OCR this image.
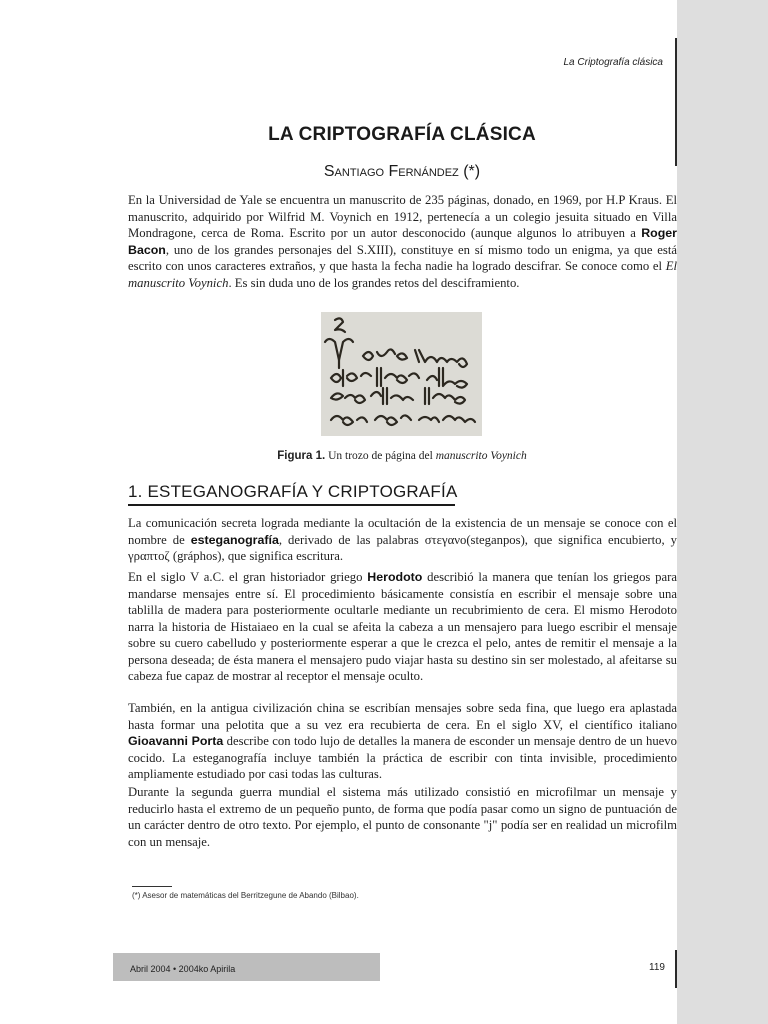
La Criptografía clásica
LA CRIPTOGRAFÍA CLÁSICA
Santiago Fernández (*)

En la Universidad de Yale se encuentra un manuscrito de 235 páginas, donado, en 1969, por H.P Kraus. El manuscrito, adquirido por Wilfrid M. Voynich en 1912, pertenecía a un colegio jesuita situado en Villa Mondragone, cerca de Roma. Escrito por un autor desconocido (aunque algunos lo atribuyen a Roger Bacon, uno de los grandes personajes del S.XIII), constituye en sí mismo todo un enigma, ya que está escrito con unos caracteres extraños, y que hasta la fecha nadie ha logrado descifrar. Se conoce como el El manuscrito Voynich. Es sin duda uno de los grandes retos del desciframiento.

Figura 1. Un trozo de página del manuscrito Voynich
1. ESTEGANOGRAFÍA Y CRIPTOGRAFÍA

La comunicación secreta lograda mediante la ocultación de la existencia de un mensaje se conoce con el nombre de esteganografía, derivado de las palabras στεγανο(steganpos), que significa encubierto, y γραπτοζ (gráphos), que significa escritura.

En el siglo V a.C. el gran historiador griego Herodoto describió la manera que tenían los griegos para mandarse mensajes entre sí. El procedimiento básicamente consistía en escribir el mensaje sobre una tablilla de madera para posteriormente ocultarle mediante un recubrimiento de cera. El mismo Herodoto narra la historia de Histaiaeo en la cual se afeita la cabeza a un mensajero para luego escribir el mensaje sobre su cuero cabelludo y posteriormente esperar a que le crezca el pelo, antes de remitir el mensaje a la persona deseada; de ésta manera el mensajero pudo viajar hasta su destino sin ser molestado, al afeitarse su cabeza fue capaz de mostrar al receptor el mensaje oculto.

También, en la antigua civilización china se escribían mensajes sobre seda fina, que luego era aplastada hasta formar una pelotita que a su vez era recubierta de cera. En el siglo XV, el científico italiano Gioavanni Porta describe con todo lujo de detalles la manera de esconder un mensaje dentro de un huevo cocido. La esteganografía incluye también la práctica de escribir con tinta invisible, procedimiento ampliamente estudiado por casi todas las culturas.

Durante la segunda guerra mundial el sistema más utilizado consistió en microfilmar un mensaje y reducirlo hasta el extremo de un pequeño punto, de forma que podía pasar como un signo de puntuación de un carácter dentro de otro texto. Por ejemplo, el punto de consonante "j" podía ser en realidad un microfilm con un mensaje.

(*) Asesor de matemáticas del Berritzegune de Abando (Bilbao).
Abril 2004 • 2004ko Apirila	119
